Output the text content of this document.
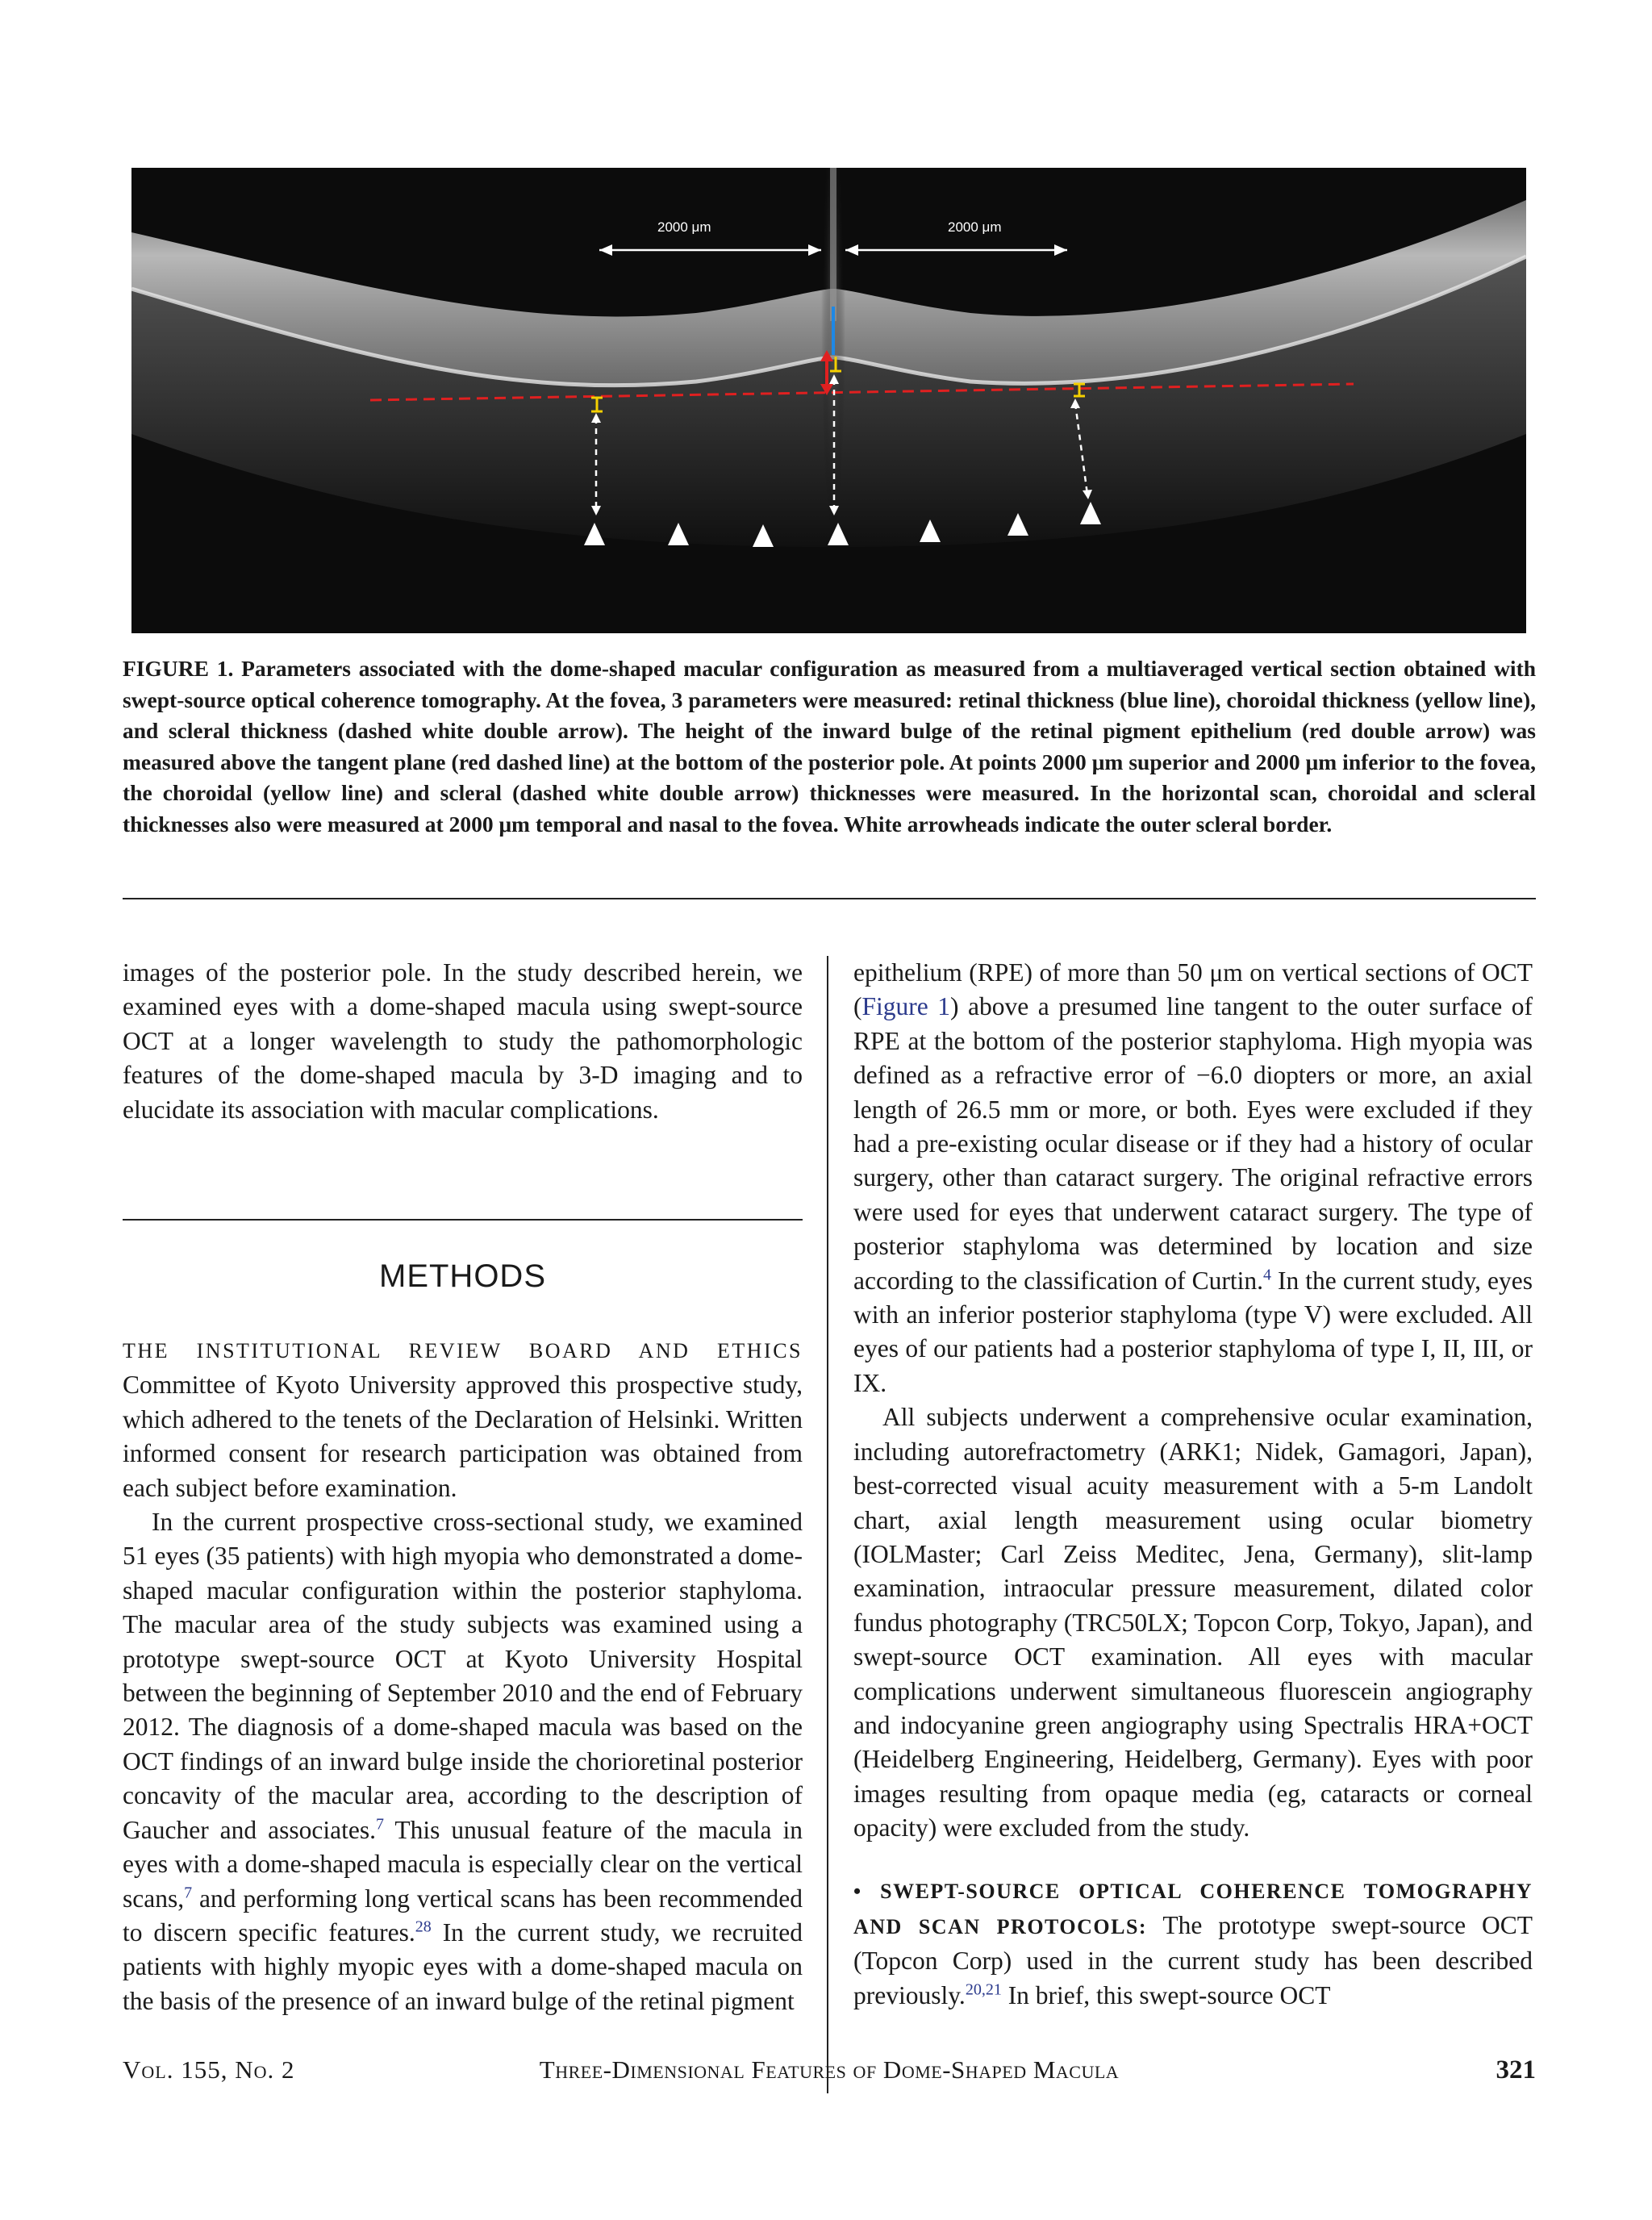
2000 μm	2000 μm
FIGURE 1. Parameters associated with the dome-shaped macular configuration as measured from a multiaveraged vertical section obtained with swept-source optical coherence tomography. At the fovea, 3 parameters were measured: retinal thickness (blue line), choroidal thickness (yellow line), and scleral thickness (dashed white double arrow). The height of the inward bulge of the retinal pigment epithelium (red double arrow) was measured above the tangent plane (red dashed line) at the bottom of the posterior pole. At points 2000 μm superior and 2000 μm inferior to the fovea, the choroidal (yellow line) and scleral (dashed white double arrow) thicknesses were measured. In the horizontal scan, choroidal and scleral thicknesses also were measured at 2000 μm temporal and nasal to the fovea. White arrowheads indicate the outer scleral border.

images of the posterior pole. In the study described herein, we examined eyes with a dome-shaped macula using swept-source OCT at a longer wavelength to study the pathomorphologic features of the dome-shaped macula by 3-D imaging and to elucidate its association with macular complications.

METHODS

THE INSTITUTIONAL REVIEW BOARD AND ETHICS Committee of Kyoto University approved this prospective study, which adhered to the tenets of the Declaration of Helsinki. Written informed consent for research participation was obtained from each subject before examination.

In the current prospective cross-sectional study, we examined 51 eyes (35 patients) with high myopia who demonstrated a dome-shaped macular configuration within the posterior staphyloma. The macular area of the study subjects was examined using a prototype swept-source OCT at Kyoto University Hospital between the beginning of September 2010 and the end of February 2012. The diagnosis of a dome-shaped macula was based on the OCT findings of an inward bulge inside the chorioretinal posterior concavity of the macular area, according to the description of Gaucher and associates.$^7$ This unusual feature of the macula in eyes with a dome-shaped macula is especially clear on the vertical scans,$^7$ and performing long vertical scans has been recommended to discern specific features.$^{28}$ In the current study, we recruited patients with highly myopic eyes with a dome-shaped macula on the basis of the presence of an inward bulge of the retinal pigment

epithelium (RPE) of more than 50 μm on vertical sections of OCT (Figure 1) above a presumed line tangent to the outer surface of RPE at the bottom of the posterior staphyloma. High myopia was defined as a refractive error of −6.0 diopters or more, an axial length of 26.5 mm or more, or both. Eyes were excluded if they had a pre-existing ocular disease or if they had a history of ocular surgery, other than cataract surgery. The original refractive errors were used for eyes that underwent cataract surgery. The type of posterior staphyloma was determined by location and size according to the classification of Curtin.$^4$ In the current study, eyes with an inferior posterior staphyloma (type V) were excluded. All eyes of our patients had a posterior staphyloma of type I, II, III, or IX.

All subjects underwent a comprehensive ocular examination, including autorefractometry (ARK1; Nidek, Gamagori, Japan), best-corrected visual acuity measurement with a 5-m Landolt chart, axial length measurement using ocular biometry (IOLMaster; Carl Zeiss Meditec, Jena, Germany), slit-lamp examination, intraocular pressure measurement, dilated color fundus photography (TRC50LX; Topcon Corp, Tokyo, Japan), and swept-source OCT examination. All eyes with macular complications underwent simultaneous fluorescein angiography and indocyanine green angiography using Spectralis HRA+OCT (Heidelberg Engineering, Heidelberg, Germany). Eyes with poor images resulting from opaque media (eg, cataracts or corneal opacity) were excluded from the study.

• SWEPT-SOURCE OPTICAL COHERENCE TOMOGRAPHY AND SCAN PROTOCOLS: The prototype swept-source OCT (Topcon Corp) used in the current study has been described previously.$^{20,21}$ In brief, this swept-source OCT

Vol. 155, No. 2	Three-Dimensional Features of Dome-Shaped Macula	321
